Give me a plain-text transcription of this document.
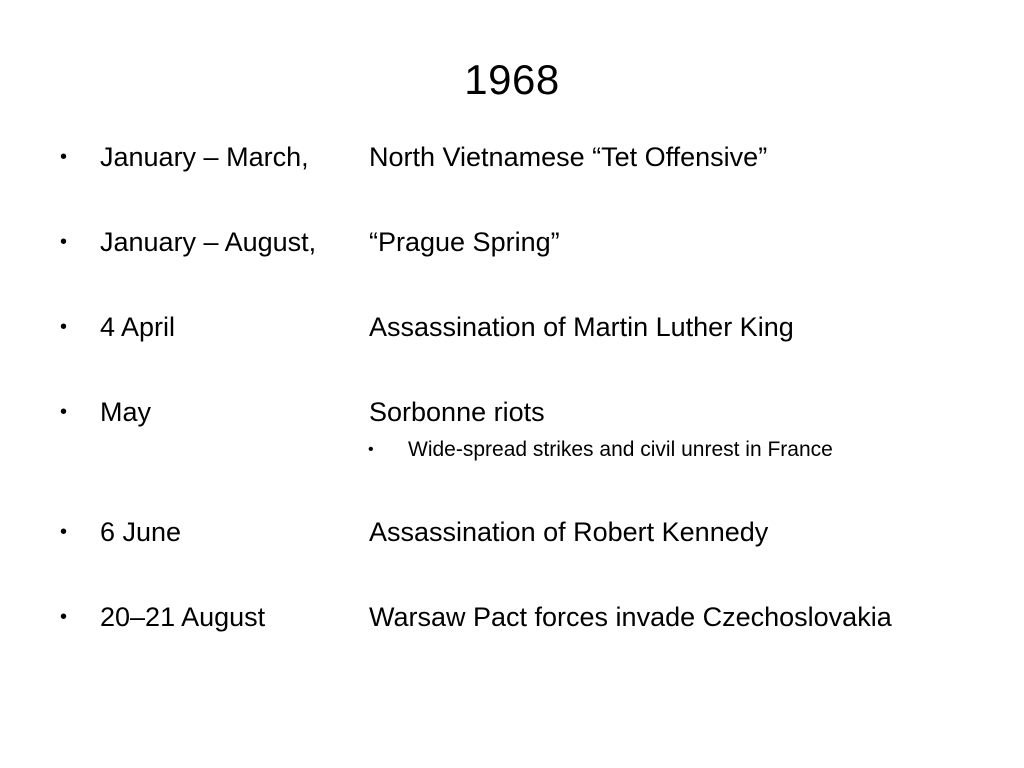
1968
•	January – March, North Vietnamese “Tet Offensive”
•	January – August, “Prague Spring”
•	4 April	Assassination of Martin Luther King
•	May	Sorbonne riots
• Wide-spread strikes and civil unrest in France
•	6 June	Assassination of Robert Kennedy
•	20–21 August	Warsaw Pact forces invade Czechoslovakia
